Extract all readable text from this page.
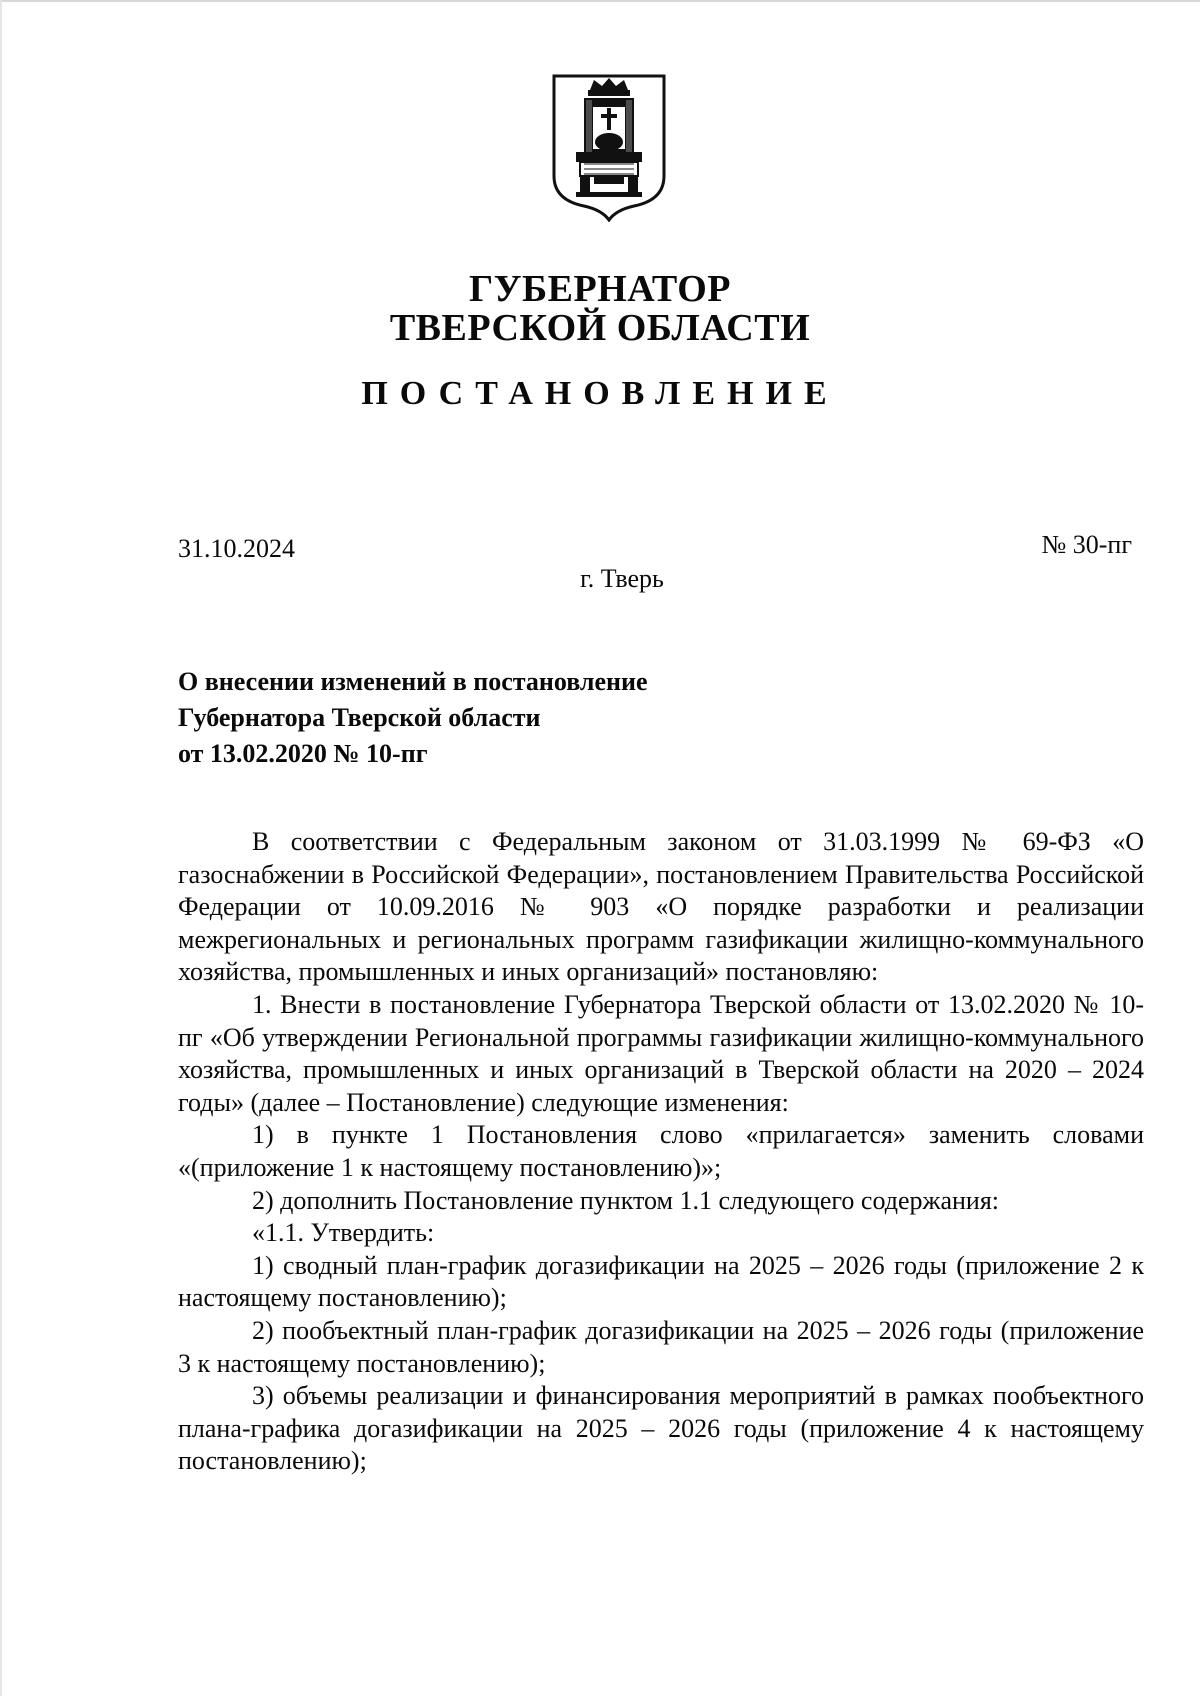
ГУБЕРНАТОР
ТВЕРСКОЙ ОБЛАСТИ
ПОСТАНОВЛЕНИЕ
31.10.2024	№ 30-пг
г. Тверь
О внесении изменений в постановление
Губернатора Тверской области
от 13.02.2020 № 10-пг

В соответствии с Федеральным законом от 31.03.1999 № 69-ФЗ «О газоснабжении в Российской Федерации», постановлением Правительства Российской Федерации от 10.09.2016 № 903 «О порядке разработки и реализации межрегиональных и региональных программ газификации жилищно-коммунального хозяйства, промышленных и иных организаций» постановляю:

1. Внести в постановление Губернатора Тверской области от 13.02.2020 № 10-пг «Об утверждении Региональной программы газификации жилищно-коммунального хозяйства, промышленных и иных организаций в Тверской области на 2020 – 2024 годы» (далее – Постановление) следующие изменения:

1) в пункте 1 Постановления слово «прилагается» заменить словами «(приложение 1 к настоящему постановлению)»;

2) дополнить Постановление пунктом 1.1 следующего содержания:

«1.1. Утвердить:

1) сводный план-график догазификации на 2025 – 2026 годы (приложение 2 к настоящему постановлению);

2) пообъектный план-график догазификации на 2025 – 2026 годы (приложение 3 к настоящему постановлению);

3) объемы реализации и финансирования мероприятий в рамках пообъектного плана-графика догазификации на 2025 – 2026 годы (приложение 4 к настоящему постановлению);
